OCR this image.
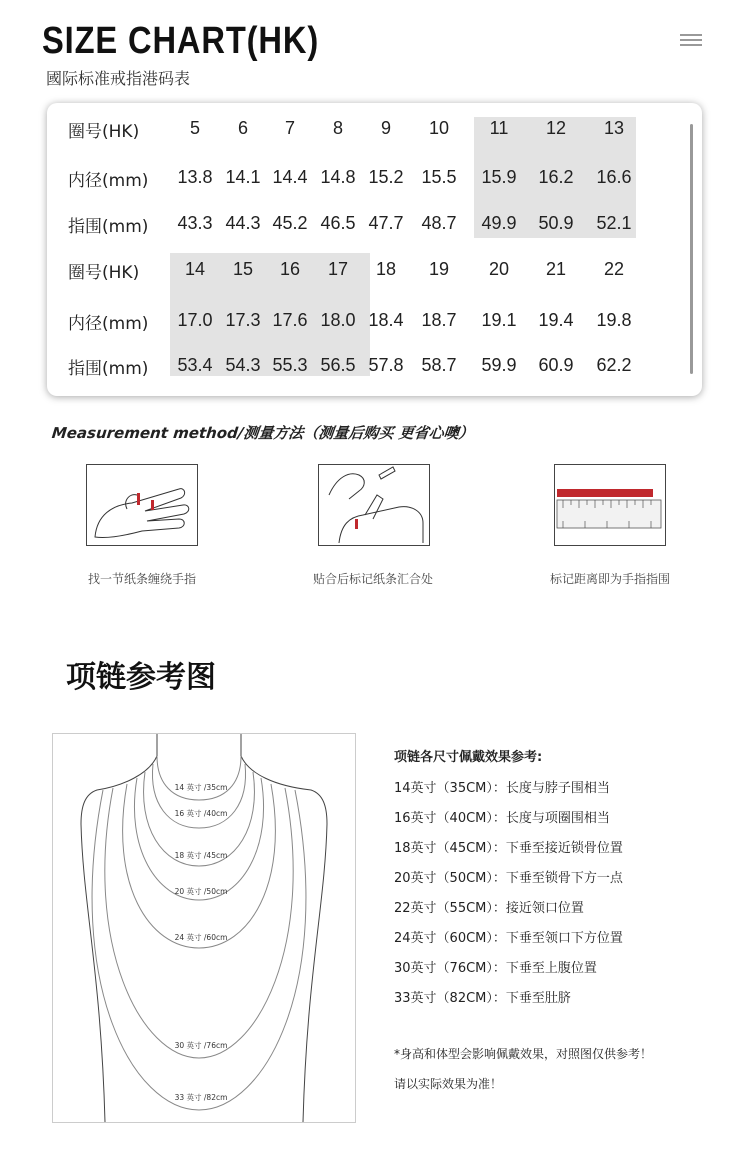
SIZE CHART(HK)
國际标准戒指港码表
圈号(HK)	5	6	7	8	9	10	11	12	13
内径(mm)	13.8 14.1 14.4 14.8 15.2 15.5	15.9	16.2	16.6
指围(mm)	43.3 44.3 45.2 46.5 47.7 48.7	49.9	50.9	52.1
圈号(HK)	14	15	16	17	18	19	20	21	22
内径(mm)	17.0 17.3 17.6 18.0 18.4 18.7	19.1	19.4	19.8
指围(mm)	53.4 54.3 55.3 56.5 57.8 58.7	59.9	60.9	62.2
Measurement method/测量方法（测量后购买 更省心噢）
找一节纸条缠绕手指	贴合后标记纸条汇合处	标记距离即为手指指围
项链参考图
14 英寸 /35cm
16 英寸 /40cm
18 英寸 /45cm
20 英寸 /50cm
24 英寸 /60cm
30 英寸 /76cm
33 英寸 /82cm
项链各尺寸佩戴效果参考:
14英寸（35CM）：长度与脖子围相当
16英寸（40CM）：长度与项圈围相当
18英寸（45CM）：下垂至接近锁骨位置
20英寸（50CM）：下垂至锁骨下方一点
22英寸（55CM）：接近领口位置
24英寸（60CM）：下垂至领口下方位置
30英寸（76CM）：下垂至上腹位置
33英寸（82CM）：下垂至肚脐
*身高和体型会影响佩戴效果，对照图仅供参考！
请以实际效果为准！
